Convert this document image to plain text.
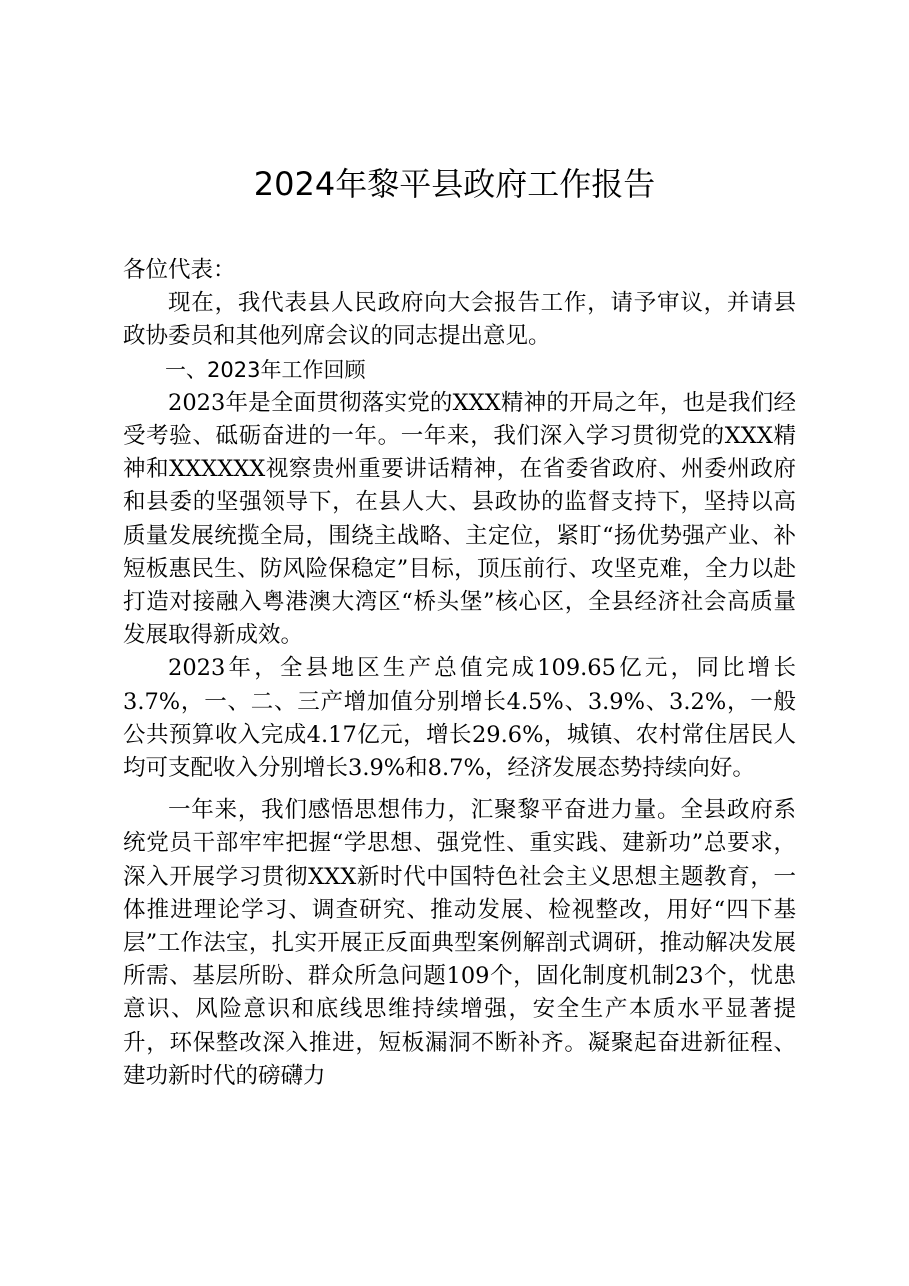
2024年黎平县政府工作报告

各位代表：

现在，我代表县人民政府向大会报告工作，请予审议，并请县政协委员和其他列席会议的同志提出意见。

一、2023年工作回顾

2023年是全面贯彻落实党的XXX精神的开局之年，也是我们经受考验、砥砺奋进的一年。一年来，我们深入学习贯彻党的XXX精神和XXXXXX视察贵州重要讲话精神，在省委省政府、州委州政府和县委的坚强领导下，在县人大、县政协的监督支持下，坚持以高质量发展统揽全局，围绕主战略、主定位，紧盯“扬优势强产业、补短板惠民生、防风险保稳定”目标，顶压前行、攻坚克难，全力以赴打造对接融入粤港澳大湾区“桥头堡”核心区，全县经济社会高质量发展取得新成效。

2023年，全县地区生产总值完成109.65亿元，同比增长3.7%，一、二、三产增加值分别增长4.5%、3.9%、3.2%，一般公共预算收入完成4.17亿元，增长29.6%，城镇、农村常住居民人均可支配收入分别增长3.9%和8.7%，经济发展态势持续向好。

一年来，我们感悟思想伟力，汇聚黎平奋进力量。全县政府系统党员干部牢牢把握“学思想、强党性、重实践、建新功”总要求，深入开展学习贯彻XXX新时代中国特色社会主义思想主题教育，一体推进理论学习、调查研究、推动发展、检视整改，用好“四下基层”工作法宝，扎实开展正反面典型案例解剖式调研，推动解决发展所需、基层所盼、群众所急问题109个，固化制度机制23个，忧患意识、风险意识和底线思维持续增强，安全生产本质水平显著提升，环保整改深入推进，短板漏洞不断补齐。凝聚起奋进新征程、建功新时代的磅礴力
